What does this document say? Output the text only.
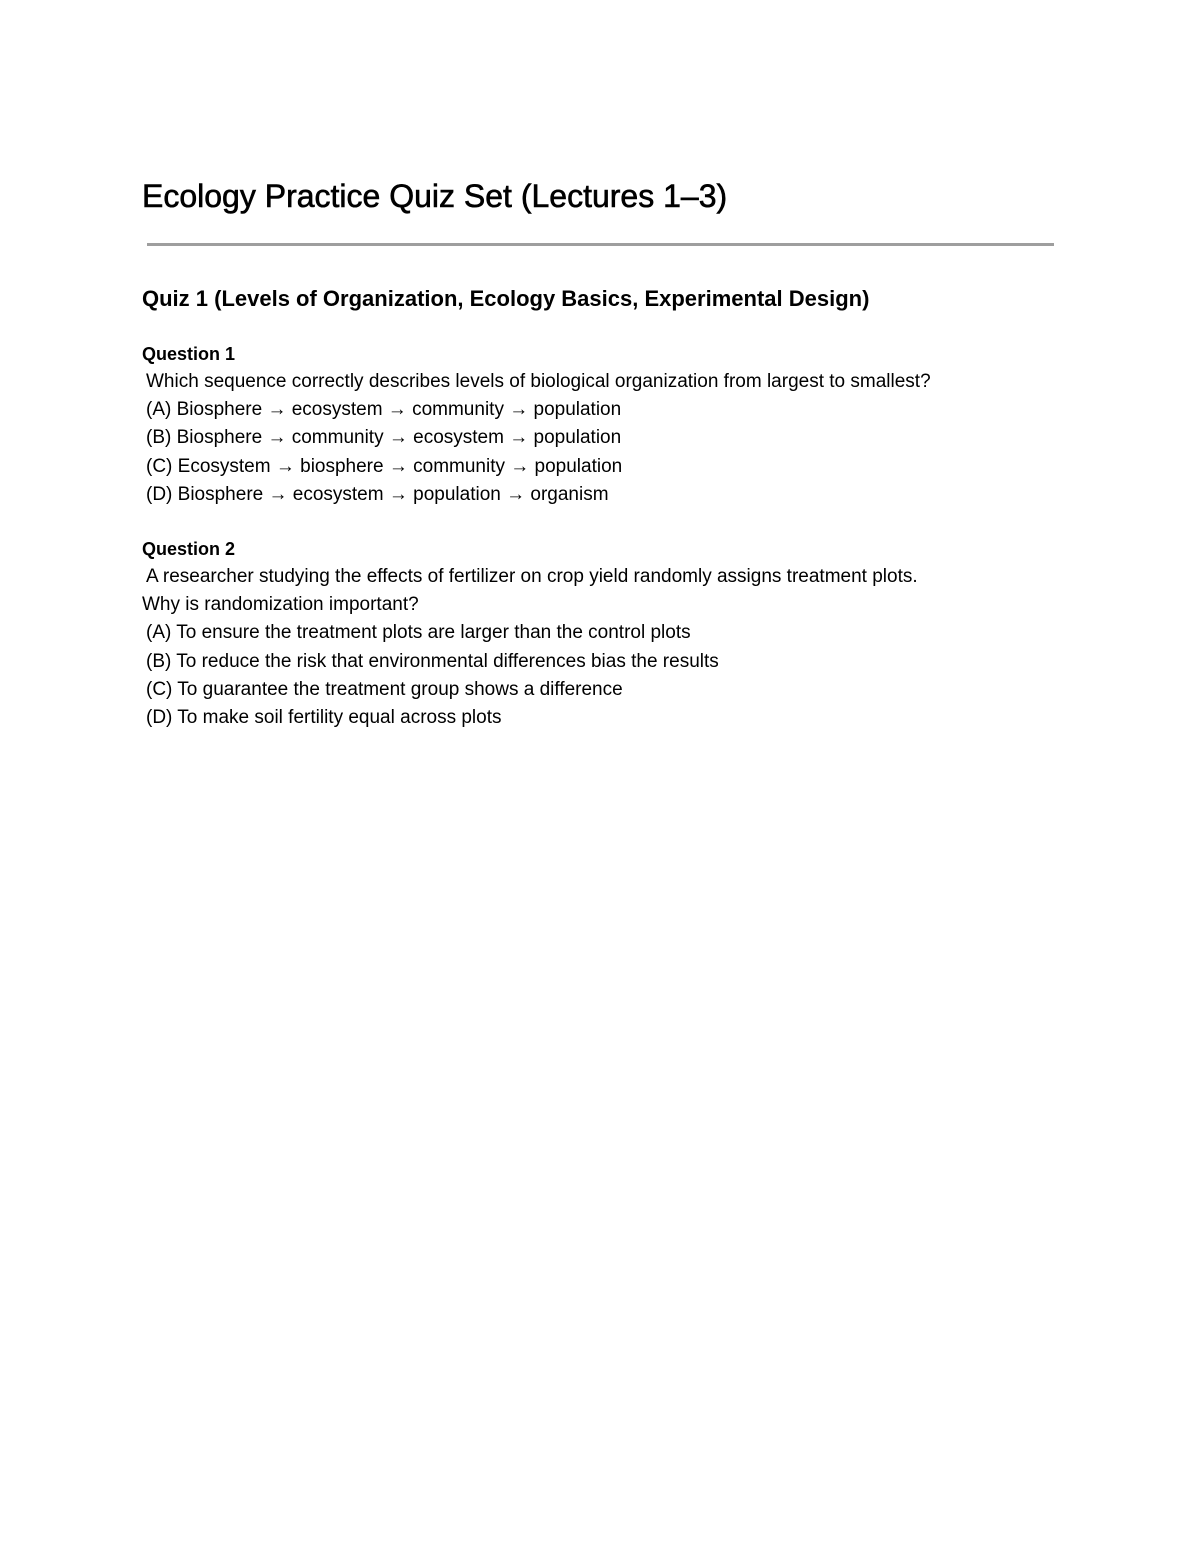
Ecology Practice Quiz Set (Lectures 1–3)
Quiz 1 (Levels of Organization, Ecology Basics, Experimental Design)
Question 1
Which sequence correctly describes levels of biological organization from largest to smallest?
(A) Biosphere → ecosystem → community → population
(B) Biosphere → community → ecosystem → population
(C) Ecosystem → biosphere → community → population
(D) Biosphere → ecosystem → population → organism
Question 2
A researcher studying the effects of fertilizer on crop yield randomly assigns treatment plots.
Why is randomization important?
(A) To ensure the treatment plots are larger than the control plots
(B) To reduce the risk that environmental differences bias the results
(C) To guarantee the treatment group shows a difference
(D) To make soil fertility equal across plots
